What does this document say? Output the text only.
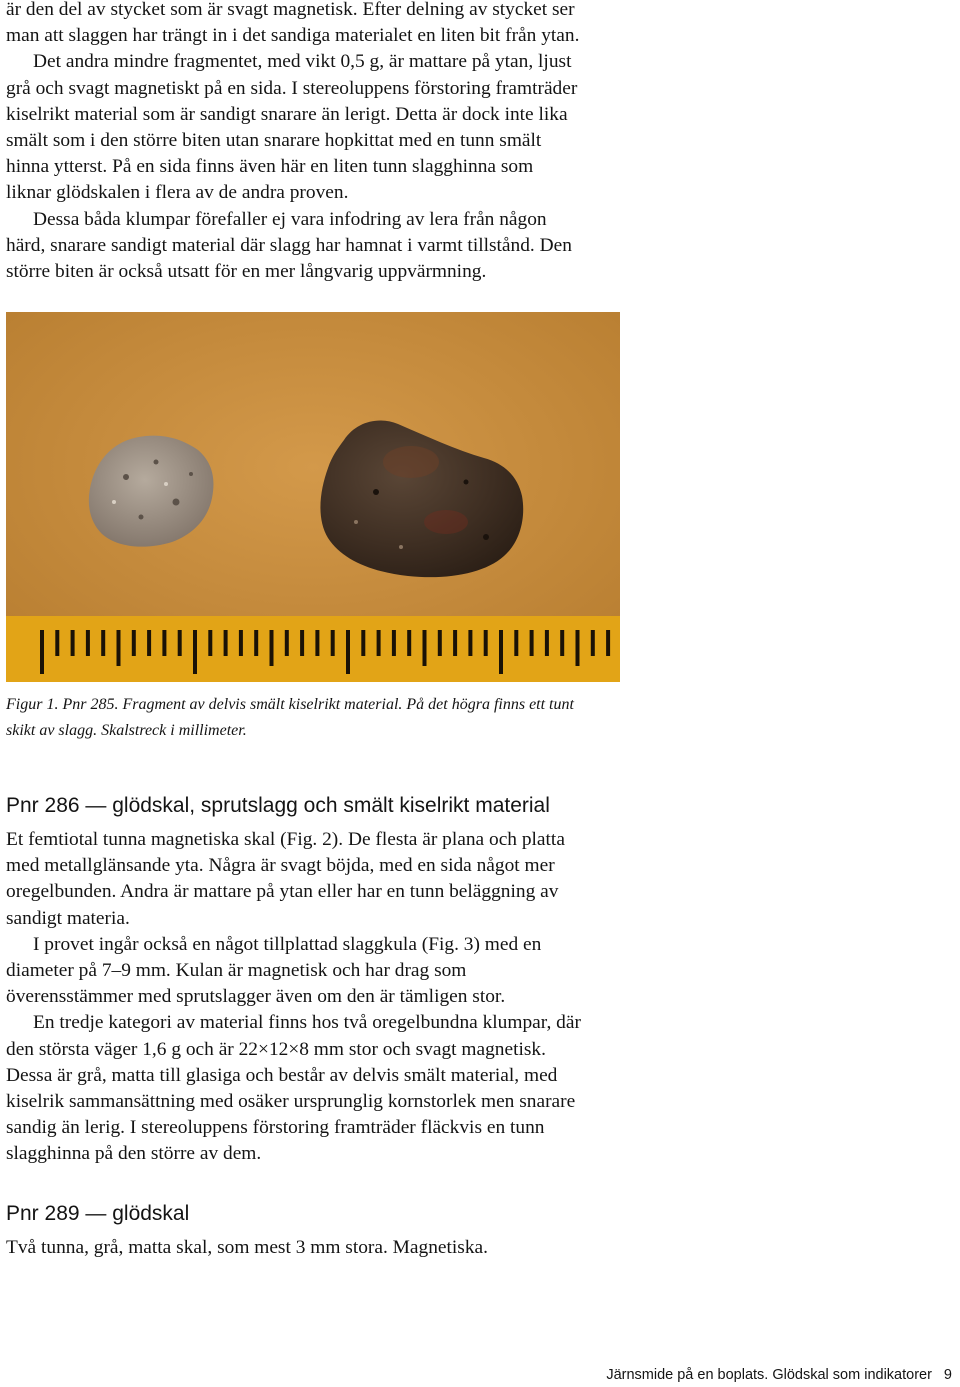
är den del av stycket som är svagt magnetisk. Efter delning av stycket ser
man att slaggen har trängt in i det sandiga materialet en liten bit från ytan.
Det andra mindre fragmentet, med vikt 0,5 g, är mattare på ytan, ljust
grå och svagt magnetiskt på en sida. I stereoluppens förstoring framträder
kiselrikt material som är sandigt snarare än lerigt. Detta är dock inte lika
smält som i den större biten utan snarare hopkittat med en tunn smält
hinna ytterst. På en sida finns även här en liten tunn slagghinna som
liknar glödskalen i flera av de andra proven.
Dessa båda klumpar förefaller ej vara infodring av lera från någon
härd, snarare sandigt material där slagg har hamnat i varmt tillstånd. Den
större biten är också utsatt för en mer långvarig uppvärmning.

Figur 1. Pnr 285. Fragment av delvis smält kiselrikt material. På det högra finns ett tunt
skikt av slagg. Skalstreck i millimeter.

Pnr 286 — glödskal, sprutslagg och smält kiselrikt material

Et femtiotal tunna magnetiska skal (Fig. 2). De flesta är plana och platta
med metallglänsande yta. Några är svagt böjda, med en sida något mer
oregelbunden. Andra är mattare på ytan eller har en tunn beläggning av
sandigt materia.
I provet ingår också en något tillplattad slaggkula (Fig. 3) med en
diameter på 7–9 mm. Kulan är magnetisk och har drag som
överensstämmer med sprutslagger även om den är tämligen stor.
En tredje kategori av material finns hos två oregelbundna klumpar, där
den största väger 1,6 g och är 22×12×8 mm stor och svagt magnetisk.
Dessa är grå, matta till glasiga och består av delvis smält material, med
kiselrik sammansättning med osäker ursprunglig kornstorlek men snarare
sandig än lerig. I stereoluppens förstoring framträder fläckvis en tunn
slagghinna på den större av dem.

Pnr 289 — glödskal

Två tunna, grå, matta skal, som mest 3 mm stora. Magnetiska.

Järnsmide på en boplats. Glödskal som indikatorer 9
